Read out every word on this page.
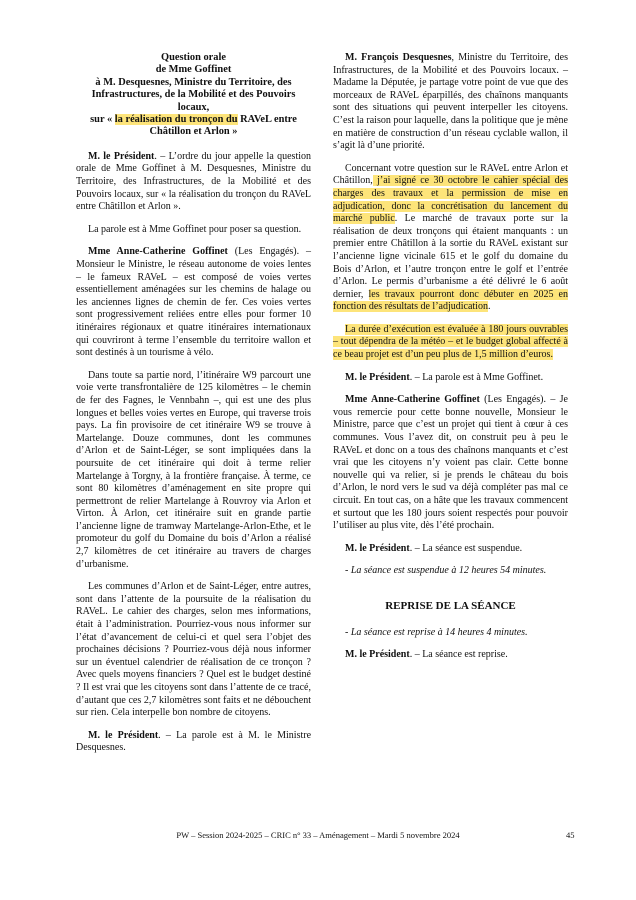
Question orale
de Mme Goffinet
à M. Desquesnes, Ministre du Territoire, des Infrastructures, de la Mobilité et des Pouvoirs locaux,
sur « la réalisation du tronçon du RAVeL entre Châtillon et Arlon »

M. le Président. – L’ordre du jour appelle la question orale de Mme Goffinet à M. Desquesnes, Ministre du Territoire, des Infrastructures, de la Mobilité et des Pouvoirs locaux, sur « la réalisation du tronçon du RAVeL entre Châtillon et Arlon ».

La parole est à Mme Goffinet pour poser sa question.

Mme Anne-Catherine Goffinet (Les Engagés). – Monsieur le Ministre, le réseau autonome de voies lentes – le fameux RAVeL – est composé de voies vertes essentiellement aménagées sur les chemins de halage ou les anciennes lignes de chemin de fer. Ces voies vertes sont progressivement reliées entre elles pour former 10 itinéraires régionaux et quatre itinéraires internationaux qui couvriront à terme l’ensemble du territoire wallon et sont destinés à un tourisme à vélo.

Dans toute sa partie nord, l’itinéraire W9 parcourt une voie verte transfrontalière de 125 kilomètres – le chemin de fer des Fagnes, le Vennbahn –, qui est une des plus longues et belles voies vertes en Europe, qui traverse trois pays. La fin provisoire de cet itinéraire W9 se trouve à Martelange. Douze communes, dont les communes d’Arlon et de Saint-Léger, se sont impliquées dans la poursuite de cet itinéraire qui doit à terme relier Martelange à Torgny, à la frontière française. À terme, ce sont 80 kilomètres d’aménagement en site propre qui permettront de relier Martelange à Rouvroy via Arlon et Virton. À Arlon, cet itinéraire suit en grande partie l’ancienne ligne de tramway Martelange-Arlon-Ethe, et le promoteur du golf du Domaine du bois d’Arlon a réalisé 2,7 kilomètres de cet itinéraire au travers de charges d’urbanisme.

Les communes d’Arlon et de Saint-Léger, entre autres, sont dans l’attente de la poursuite de la réalisation du RAVeL. Le cahier des charges, selon mes informations, était à l’administration. Pourriez-vous nous informer sur l’état d’avancement de celui-ci et quel sera l’objet des prochaines décisions ? Pourriez-vous déjà nous informer sur un éventuel calendrier de réalisation de ce tronçon ? Avec quels moyens financiers ? Quel est le budget destiné ? Il est vrai que les citoyens sont dans l’attente de ce tracé, d’autant que ces 2,7 kilomètres sont faits et ne débouchent sur rien. Cela interpelle bon nombre de citoyens.

M. le Président. – La parole est à M. le Ministre Desquesnes.

M. François Desquesnes, Ministre du Territoire, des Infrastructures, de la Mobilité et des Pouvoirs locaux. – Madame la Députée, je partage votre point de vue que des morceaux de RAVeL éparpillés, des chaînons manquants sont des situations qui peuvent interpeller les citoyens. C’est la raison pour laquelle, dans la politique que je mène en matière de construction d’un réseau cyclable wallon, il s’agit là d’une priorité.

Concernant votre question sur le RAVeL entre Arlon et Châtillon, j’ai signé ce 30 octobre le cahier spécial des charges des travaux et la permission de mise en adjudication, donc la concrétisation du lancement du marché public. Le marché de travaux porte sur la réalisation de deux tronçons qui étaient manquants : un premier entre Châtillon à la sortie du RAVeL existant sur l’ancienne ligne vicinale 615 et le golf du domaine du Bois d’Arlon, et l’autre tronçon entre le golf et l’entrée d’Arlon. Le permis d’urbanisme a été délivré le 6 août dernier, les travaux pourront donc débuter en 2025 en fonction des résultats de l’adjudication.

La durée d’exécution est évaluée à 180 jours ouvrables – tout dépendra de la météo – et le budget global affecté à ce beau projet est d’un peu plus de 1,5 million d’euros.

M. le Président. – La parole est à Mme Goffinet.

Mme Anne-Catherine Goffinet (Les Engagés). – Je vous remercie pour cette bonne nouvelle, Monsieur le Ministre, parce que c’est un projet qui tient à cœur à ces communes. Vous l’avez dit, on construit peu à peu le RAVeL et donc on a tous des chaînons manquants et c’est vrai que les citoyens n’y voient pas clair. Cette bonne nouvelle qui va relier, si je prends le château du bois d’Arlon, le nord vers le sud va déjà compléter pas mal ce circuit. En tout cas, on a hâte que les travaux commencent et surtout que les 180 jours soient respectés pour pouvoir l’utiliser au plus vite, dès l’été prochain.

M. le Président. – La séance est suspendue.

- La séance est suspendue à 12 heures 54 minutes.

REPRISE DE LA SÉANCE

- La séance est reprise à 14 heures 4 minutes.

M. le Président. – La séance est reprise.

PW – Session 2024-2025 – CRIC n° 33 – Aménagement – Mardi 5 novembre 2024	45
